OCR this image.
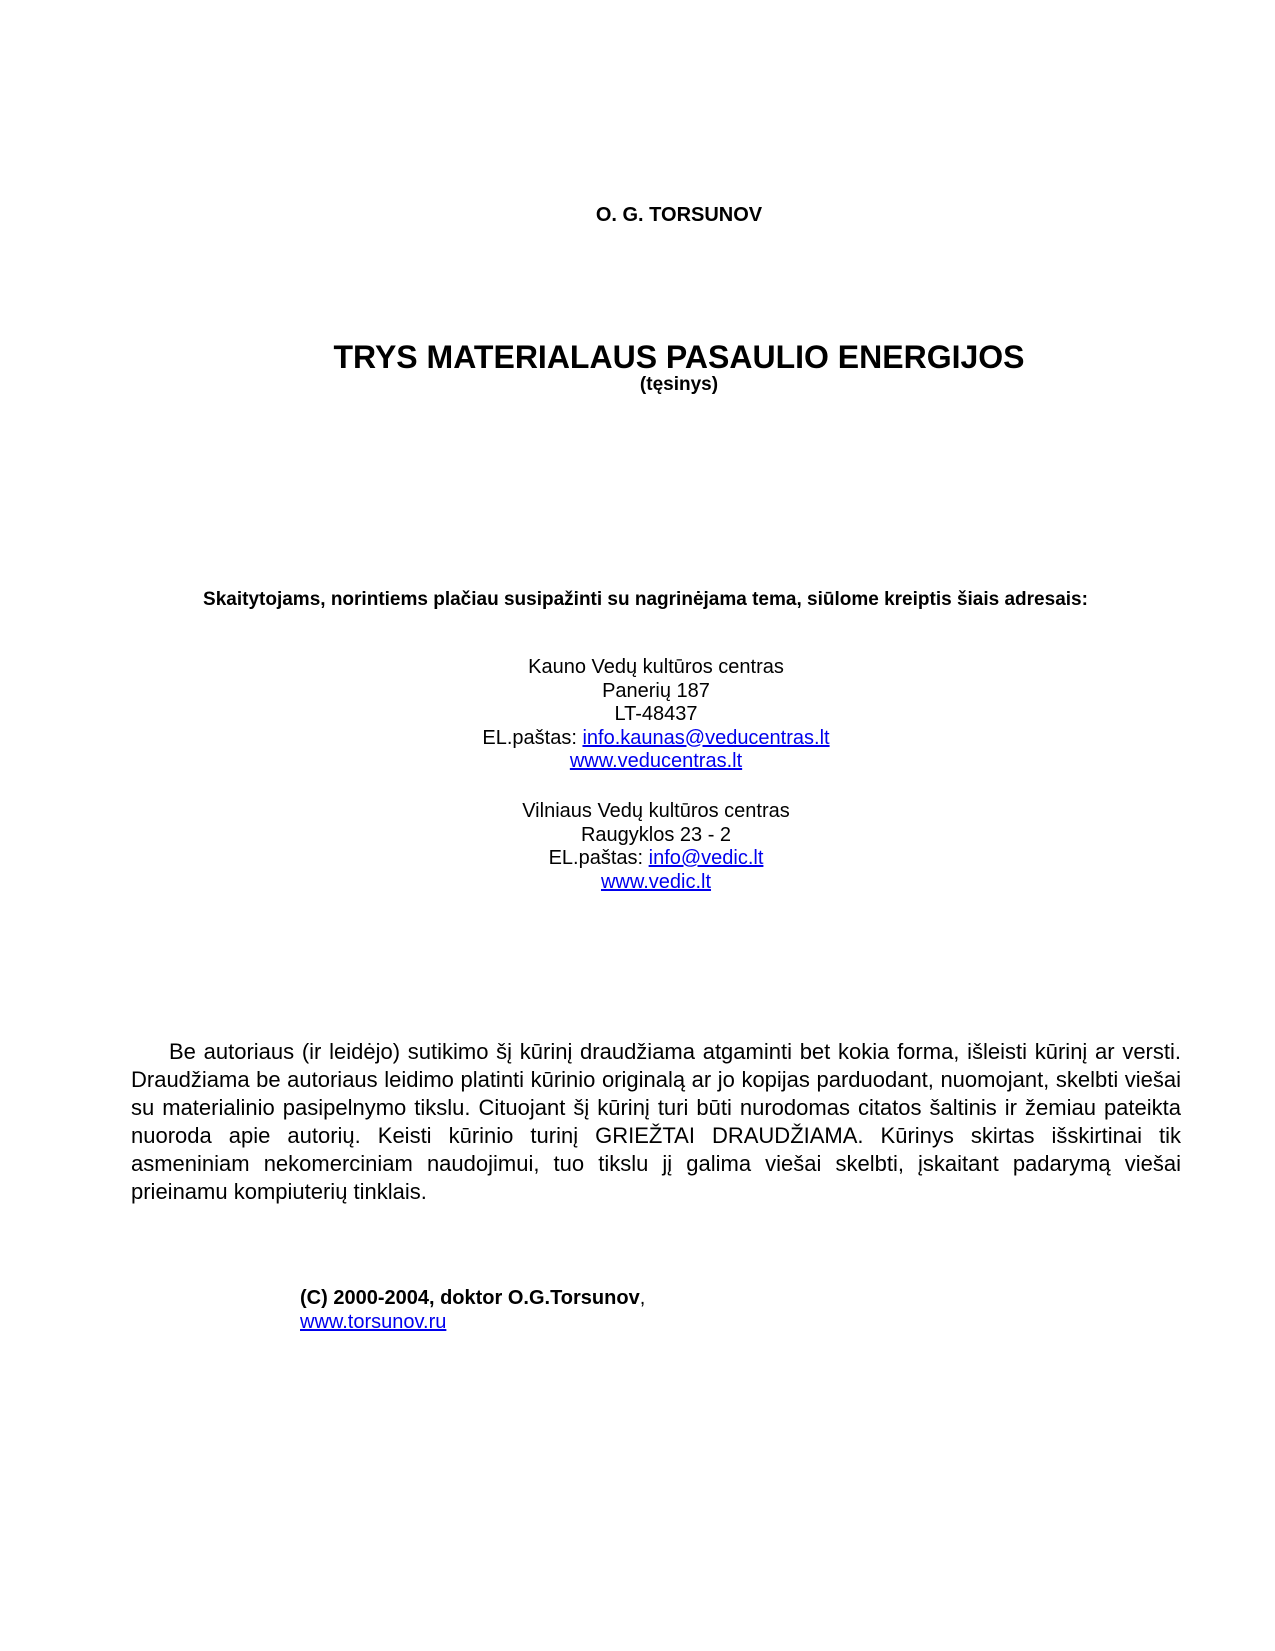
O. G. TORSUNOV
TRYS MATERIALAUS PASAULIO ENERGIJOS
(tęsinys)
Skaitytojams, norintiems plačiau susipažinti su nagrinėjama tema, siūlome kreiptis šiais adresais:
Kauno Vedų kultūros centras
Panerių 187
LT-48437
EL.paštas: info.kaunas@veducentras.lt
www.veducentras.lt
Vilniaus Vedų kultūros centras
Raugyklos 23 - 2
EL.paštas: info@vedic.lt
www.vedic.lt
Be autoriaus (ir leidėjo) sutikimo šį kūrinį draudžiama atgaminti bet kokia forma, išleisti kūrinį ar versti. Draudžiama be autoriaus leidimo platinti kūrinio originalą ar jo kopijas parduodant, nuomojant, skelbti viešai su materialinio pasipelnymo tikslu. Cituojant šį kūrinį turi būti nurodomas citatos šaltinis ir žemiau pateikta nuoroda apie autorių. Keisti kūrinio turinį GRIEŽTAI DRAUDŽIAMA. Kūrinys skirtas išskirtinai tik asmeniniam nekomerciniam naudojimui, tuo tikslu jį galima viešai skelbti, įskaitant padarymą viešai prieinamu kompiuterių tinklais.
(C) 2000-2004, doktor O.G.Torsunov,
www.torsunov.ru
